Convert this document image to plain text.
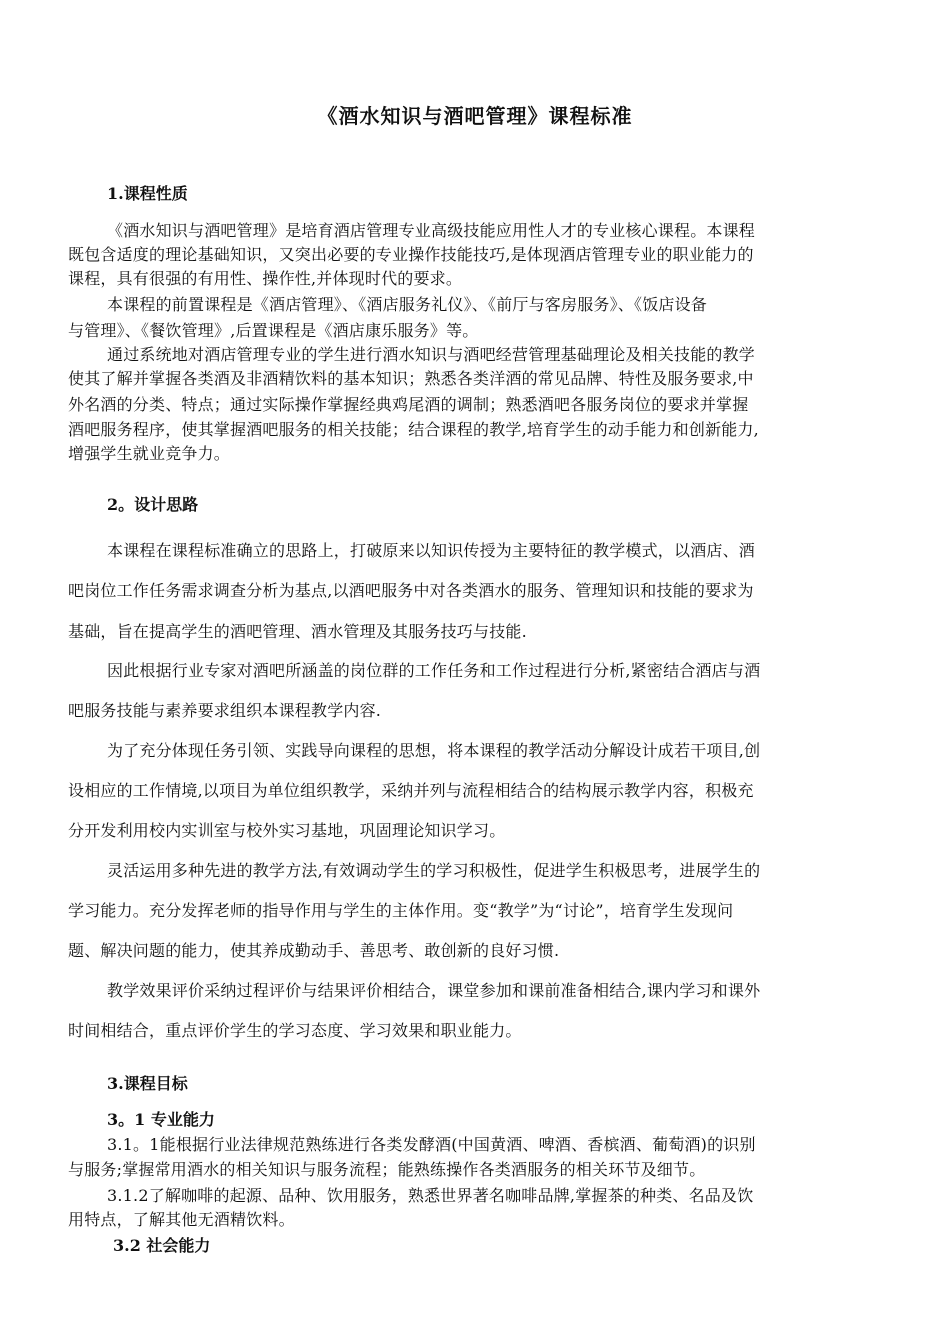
《酒水知识与酒吧管理》课程标准
1.课程性质
《酒水知识与酒吧管理》是培育酒店管理专业高级技能应用性人才的专业核心课程。本课程
既包含适度的理论基础知识，又突出必要的专业操作技能技巧,是体现酒店管理专业的职业能力的
课程，具有很强的有用性、操作性,并体现时代的要求。
本课程的前置课程是《酒店管理》、《酒店服务礼仪》、《前厅与客房服务》、《饭店设备
与管理》、《餐饮管理》,后置课程是《酒店康乐服务》等。
通过系统地对酒店管理专业的学生进行酒水知识与酒吧经营管理基础理论及相关技能的教学
使其了解并掌握各类酒及非酒精饮料的基本知识；熟悉各类洋酒的常见品牌、特性及服务要求,中
外名酒的分类、特点；通过实际操作掌握经典鸡尾酒的调制；熟悉酒吧各服务岗位的要求并掌握
酒吧服务程序，使其掌握酒吧服务的相关技能；结合课程的教学,培育学生的动手能力和创新能力,
增强学生就业竞争力。
2。设计思路
本课程在课程标准确立的思路上，打破原来以知识传授为主要特征的教学模式，以酒店、酒
吧岗位工作任务需求调查分析为基点,以酒吧服务中对各类酒水的服务、管理知识和技能的要求为
基础，旨在提高学生的酒吧管理、酒水管理及其服务技巧与技能.
因此根据行业专家对酒吧所涵盖的岗位群的工作任务和工作过程进行分析,紧密结合酒店与酒
吧服务技能与素养要求组织本课程教学内容.
为了充分体现任务引领、实践导向课程的思想，将本课程的教学活动分解设计成若干项目,创
设相应的工作情境,以项目为单位组织教学，采纳并列与流程相结合的结构展示教学内容，积极充
分开发利用校内实训室与校外实习基地，巩固理论知识学习。
灵活运用多种先进的教学方法,有效调动学生的学习积极性，促进学生积极思考，进展学生的
学习能力。充分发挥老师的指导作用与学生的主体作用。变“教学”为“讨论”，培育学生发现问
题、解决问题的能力，使其养成勤动手、善思考、敢创新的良好习惯.
教学效果评价采纳过程评价与结果评价相结合，课堂参加和课前准备相结合,课内学习和课外
时间相结合，重点评价学生的学习态度、学习效果和职业能力。
3.课程目标
3。1 专业能力
3.1。1能根据行业法律规范熟练进行各类发酵酒(中国黄酒、啤酒、香槟酒、葡萄酒)的识别
与服务;掌握常用酒水的相关知识与服务流程；能熟练操作各类酒服务的相关环节及细节。
3.1.2了解咖啡的起源、品种、饮用服务，熟悉世界著名咖啡品牌,掌握茶的种类、名品及饮
用特点，了解其他无酒精饮料。
3.2 社会能力
